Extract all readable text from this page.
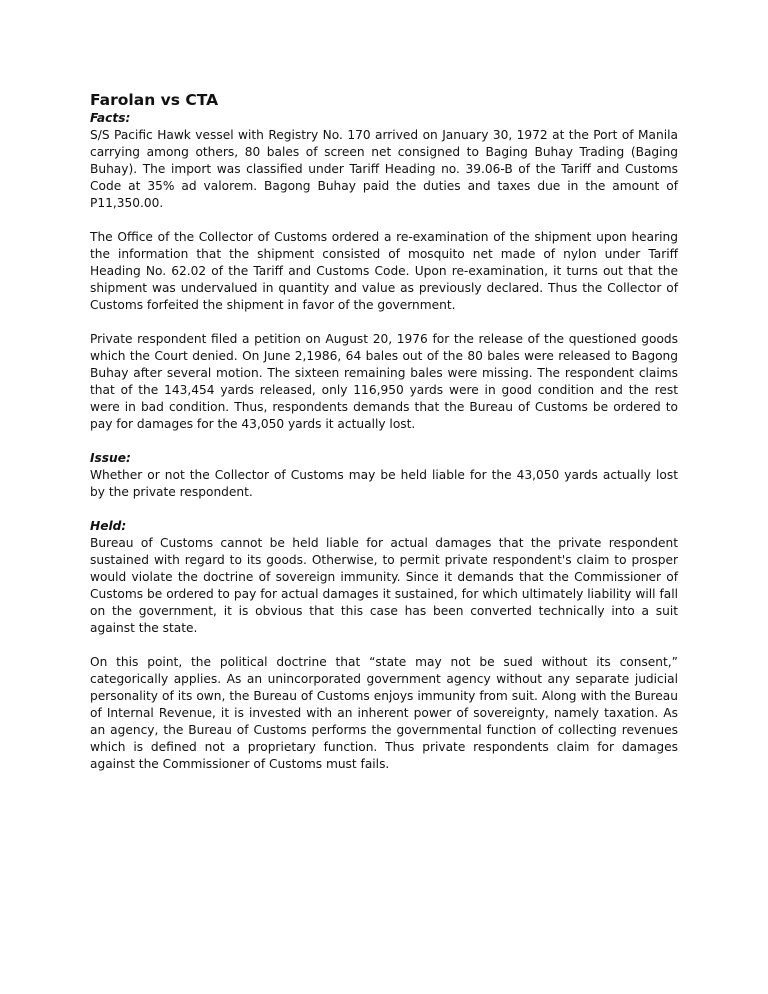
Farolan vs CTA

Facts:

S/S Pacific Hawk vessel with Registry No. 170 arrived on January 30, 1972 at the Port of Manila carrying among others, 80 bales of screen net consigned to Baging Buhay Trading (Baging Buhay). The import was classified under Tariff Heading no. 39.06-B of the Tariff and Customs Code at 35% ad valorem. Bagong Buhay paid the duties and taxes due in the amount of P11,350.00.

The Office of the Collector of Customs ordered a re-examination of the shipment upon hearing the information that the shipment consisted of mosquito net made of nylon under Tariff Heading No. 62.02 of the Tariff and Customs Code. Upon re-examination, it turns out that the shipment was undervalued in quantity and value as previously declared. Thus the Collector of Customs forfeited the shipment in favor of the government.

Private respondent filed a petition on August 20, 1976 for the release of the questioned goods which the Court denied. On June 2,1986, 64 bales out of the 80 bales were released to Bagong Buhay after several motion. The sixteen remaining bales were missing. The respondent claims that of the 143,454 yards released, only 116,950 yards were in good condition and the rest were in bad condition. Thus, respondents demands that the Bureau of Customs be ordered to pay for damages for the 43,050 yards it actually lost.

Issue:

Whether or not the Collector of Customs may be held liable for the 43,050 yards actually lost by the private respondent.

Held:

Bureau of Customs cannot be held liable for actual damages that the private respondent sustained with regard to its goods. Otherwise, to permit private respondent's claim to prosper would violate the doctrine of sovereign immunity. Since it demands that the Commissioner of Customs be ordered to pay for actual damages it sustained, for which ultimately liability will fall on the government, it is obvious that this case has been converted technically into a suit against the state.

On this point, the political doctrine that “state may not be sued without its consent,” categorically applies. As an unincorporated government agency without any separate judicial personality of its own, the Bureau of Customs enjoys immunity from suit. Along with the Bureau of Internal Revenue, it is invested with an inherent power of sovereignty, namely taxation. As an agency, the Bureau of Customs performs the governmental function of collecting revenues which is defined not a proprietary function. Thus private respondents claim for damages against the Commissioner of Customs must fails.
